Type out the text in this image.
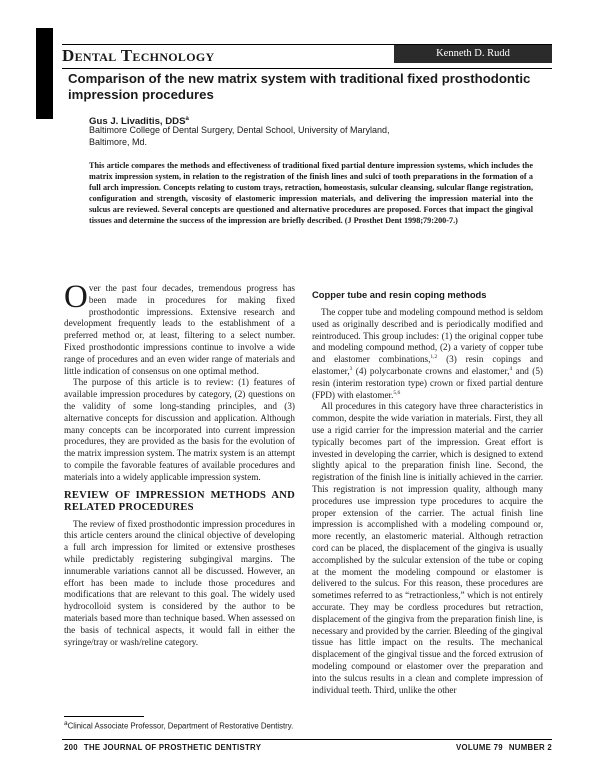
Dental Technology	Kenneth D. Rudd
Comparison of the new matrix system with traditional fixed prosthodontic impression procedures
Gus J. Livaditis, DDS$^a$
Baltimore College of Dental Surgery, Dental School, University of Maryland,
Baltimore, Md.
This article compares the methods and effectiveness of traditional fixed partial denture impression systems, which includes the matrix impression system, in relation to the registration of the finish lines and sulci of tooth preparations in the formation of a full arch impression. Concepts relating to custom trays, retraction, homeostasis, sulcular cleansing, sulcular flange registration, configuration and strength, viscosity of elastomeric impression materials, and delivering the impression material into the sulcus are reviewed. Several concepts are questioned and alternative procedures are proposed. Forces that impact the gingival tissues and determine the success of the impression are briefly described. (J Prosthet Dent 1998;79:200-7.)

Over the past four decades, tremendous progress has been made in procedures for making fixed prosthodontic impressions. Extensive research and development frequently leads to the establishment of a preferred method or, at least, filtering to a select number. Fixed prosthodontic impressions continue to involve a wide range of procedures and an even wider range of materials and little indication of consensus on one optimal method.

The purpose of this article is to review: (1) features of available impression procedures by category, (2) questions on the validity of some long-standing principles, and (3) alternative concepts for discussion and application. Although many concepts can be incorporated into current impression procedures, they are provided as the basis for the evolution of the matrix impression system. The matrix system is an attempt to compile the favorable features of available procedures and materials into a widely applicable impression system.

REVIEW OF IMPRESSION METHODS AND RELATED PROCEDURES

The review of fixed prosthodontic impression procedures in this article centers around the clinical objective of developing a full arch impression for limited or extensive prostheses while predictably registering subgingival margins. The innumerable variations cannot all be discussed. However, an effort has been made to include those procedures and modifications that are relevant to this goal. The widely used hydrocolloid system is considered by the author to be materials based more than technique based. When assessed on the basis of technical aspects, it would fall in either the syringe/tray or wash/reline category.

Copper tube and resin coping methods

The copper tube and modeling compound method is seldom used as originally described and is periodically modified and reintroduced. This group includes: (1) the original copper tube and modeling compound method, (2) a variety of copper tube and elastomer combinations,$^{1,2}$ (3) resin copings and elastomer,$^3$ (4) polycarbonate crowns and elastomer,$^4$ and (5) resin (interim restoration type) crown or fixed partial denture (FPD) with elastomer.$^{5,6}$

All procedures in this category have three characteristics in common, despite the wide variation in materials. First, they all use a rigid carrier for the impression material and the carrier typically becomes part of the impression. Great effort is invested in developing the carrier, which is designed to extend slightly apical to the preparation finish line. Second, the registration of the finish line is initially achieved in the carrier. This registration is not impression quality, although many procedures use impression type procedures to acquire the proper extension of the carrier. The actual finish line impression is accomplished with a modeling compound or, more recently, an elastomeric material. Although retraction cord can be placed, the displacement of the gingiva is usually accomplished by the sulcular extension of the tube or coping at the moment the modeling compound or elastomer is delivered to the sulcus. For this reason, these procedures are sometimes referred to as “retractionless,” which is not entirely accurate. They may be cordless procedures but retraction, displacement of the gingiva from the preparation finish line, is necessary and provided by the carrier. Bleeding of the gingival tissue has little impact on the results. The mechanical displacement of the gingival tissue and the forced extrusion of modeling compound or elastomer over the preparation and into the sulcus results in a clean and complete impression of individual teeth. Third, unlike the other

$^a$Clinical Associate Professor, Department of Restorative Dentistry.
200 THE JOURNAL OF PROSTHETIC DENTISTRY	VOLUME 79 NUMBER 2
